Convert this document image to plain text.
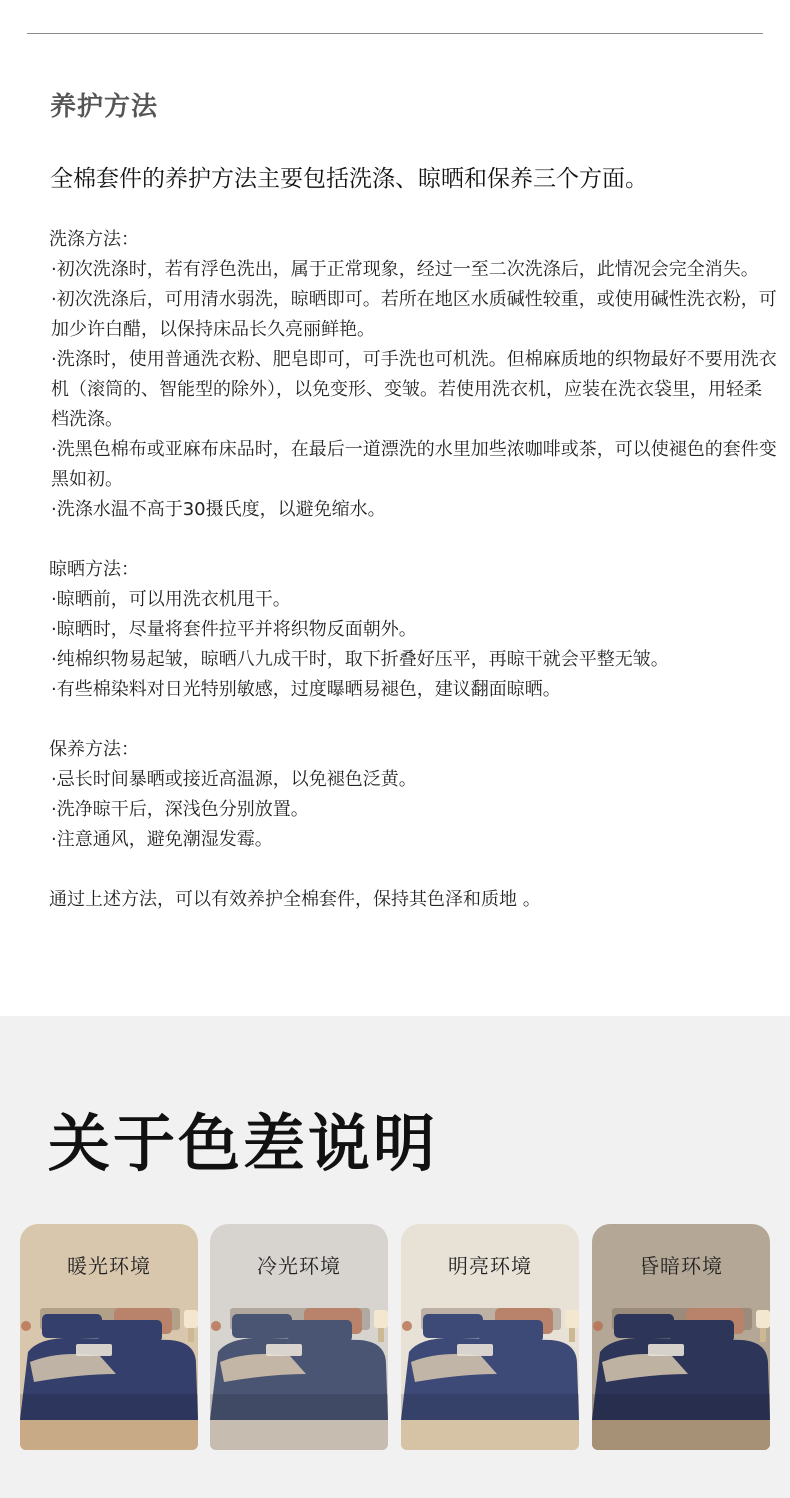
养护方法

全棉套件的养护方法主要包括洗涤、晾晒和保养三个方面。

洗涤方法：
·初次洗涤时，若有浮色洗出，属于正常现象，经过一至二次洗涤后，此情况会完全消失。
·初次洗涤后，可用清水弱洗，晾晒即可。若所在地区水质碱性较重，或使用碱性洗衣粉，可加少许白醋，以保持床品长久亮丽鲜艳。
·洗涤时，使用普通洗衣粉、肥皂即可，可手洗也可机洗。但棉麻质地的织物最好不要用洗衣机（滚筒的、智能型的除外），以免变形、变皱。若使用洗衣机，应装在洗衣袋里，用轻柔档洗涤。
·洗黑色棉布或亚麻布床品时，在最后一道漂洗的水里加些浓咖啡或茶，可以使褪色的套件变黑如初。
·洗涤水温不高于30摄氏度，以避免缩水。
晾晒方法：
·晾晒前，可以用洗衣机甩干。
·晾晒时，尽量将套件拉平并将织物反面朝外。
·纯棉织物易起皱，晾晒八九成干时，取下折叠好压平，再晾干就会平整无皱。
·有些棉染料对日光特别敏感，过度曝晒易褪色，建议翻面晾晒。
保养方法：
·忌长时间暴晒或接近高温源，以免褪色泛黄。
·洗净晾干后，深浅色分别放置。
·注意通风，避免潮湿发霉。
通过上述方法，可以有效养护全棉套件，保持其色泽和质地 。
关于色差说明
暖光环境	冷光环境	明亮环境	昏暗环境
